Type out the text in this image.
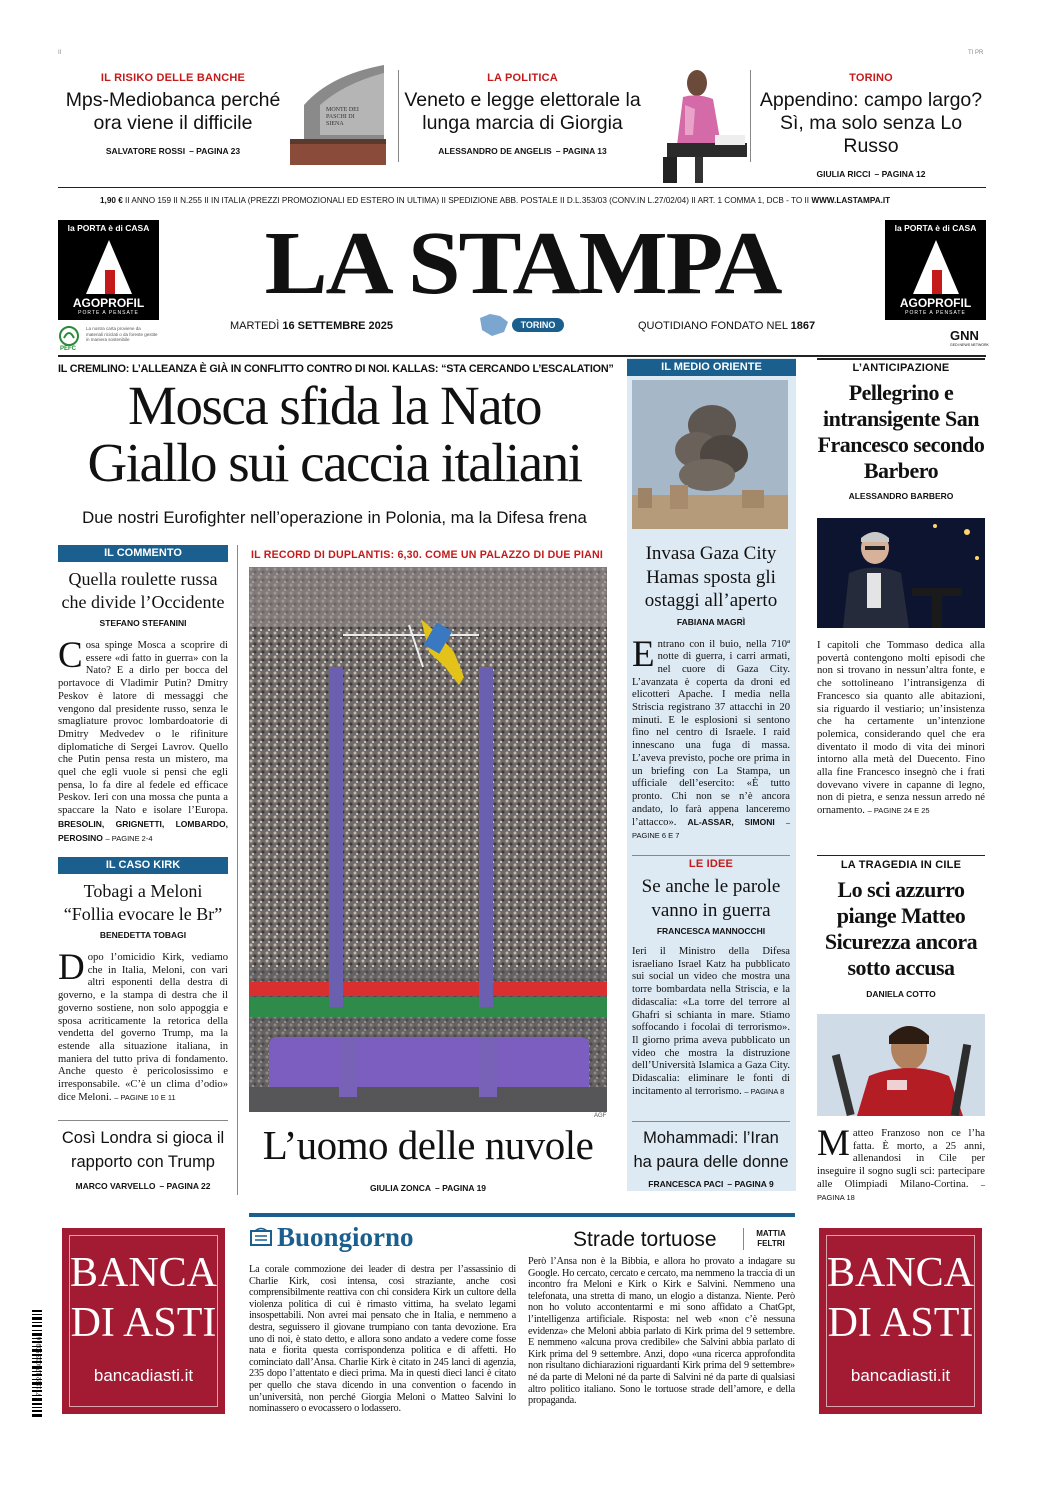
II	TI PR
IL RISIKO DELLE BANCHE
Mps-Mediobanca perché ora viene il difficile
SALVATORE ROSSI – PAGINA 23
MONTE DEI PASCHI DI SIENA
LA POLITICA
Veneto e legge elettorale la lunga marcia di Giorgia
ALESSANDRO DE ANGELIS – PAGINA 13
TORINO
Appendino: campo largo? Sì, ma solo senza Lo Russo
GIULIA RICCI – PAGINA 12
1,90 € II ANNO 159 II N.255 II IN ITALIA (PREZZI PROMOZIONALI ED ESTERO IN ULTIMA) II SPEDIZIONE ABB. POSTALE II D.L.353/03 (CONV.IN L.27/02/04) II ART. 1 COMMA 1, DCB - TO II WWW.LASTAMPA.IT
la PORTA è di CASA
AGOPROFIL
PORTE A PENSATE
PEFC
La nostra carta proviene da materiali riciclati o da foreste gestite in maniera sostenibile
la PORTA è di CASA
AGOPROFIL
PORTE A PENSATE
GNN
GEDI NEWS NETWORK
LA STAMPA
MARTEDÌ 16 SETTEMBRE 2025	TORINO	QUOTIDIANO FONDATO NEL 1867
IL CREMLINO: L’ALLEANZA È GIÀ IN CONFLITTO CONTRO DI NOI. KALLAS: “STA CERCANDO L’ESCALATION”
Mosca sfida la Nato
Giallo sui caccia italiani
Due nostri Eurofighter nell’operazione in Polonia, ma la Difesa frena
IL COMMENTO
Quella roulette russa che divide l’Occidente
STEFANO STEFANINI
Cosa spinge Mosca a scoprire di essere «di fatto in guerra» con la Nato? E a dirlo per bocca del portavoce di Vladimir Putin? Dmitry Peskov è latore di messaggi che vengono dal presidente russo, senza le smagliature provoc lombardoatorie di Dmitry Medvedev o le rifiniture diplomatiche di Sergei Lavrov. Quello che Putin pensa resta un mistero, ma quel che egli vuole si pensi che egli pensa, lo fa dire al fedele ed efficace Peskov. Ieri con una mossa che punta a spaccare la Nato e isolare l’Europa. BRESOLIN, GRIGNETTI, LOMBARDO, PEROSINO – PAGINE 2-4
IL CASO KIRK
Tobagi a Meloni “Follia evocare le Br”
BENEDETTA TOBAGI
Dopo l’omicidio Kirk, vediamo che in Italia, Meloni, con vari altri esponenti della destra di governo, e la stampa di destra che il governo sostiene, non solo appoggia e sposa acriticamente la retorica della vendetta del governo Trump, ma la estende alla situazione italiana, in maniera del tutto priva di fondamento. Anche questo è pericolosissimo e irresponsabile. «C’è un clima d’odio» dice Meloni. – PAGINE 10 E 11
Così Londra si gioca il rapporto con Trump
MARCO VARVELLO – PAGINA 22
IL RECORD DI DUPLANTIS: 6,30. COME UN PALAZZO DI DUE PIANI
AGF
L’uomo delle nuvole
GIULIA ZONCA – PAGINA 19
IL MEDIO ORIENTE
Invasa Gaza City Hamas sposta gli ostaggi all’aperto
FABIANA MAGRÌ
Entrano con il buio, nella 710ª notte di guerra, i carri armati, nel cuore di Gaza City. L’avanzata è coperta da droni ed elicotteri Apache. I media nella Striscia registrano 37 attacchi in 20 minuti. E le esplosioni si sentono fino nel centro di Israele. I raid innescano una fuga di massa. L’aveva previsto, poche ore prima in un briefing con La Stampa, un ufficiale dell’esercito: «È tutto pronto. Chi non se n’è ancora andato, lo farà appena lanceremo l’attacco». AL-ASSAR, SIMONI – PAGINE 6 E 7
LE IDEE
Se anche le parole vanno in guerra
FRANCESCA MANNOCCHI
Ieri il Ministro della Difesa israeliano Israel Katz ha pubblicato sui social un video che mostra una torre bombardata nella Striscia, e la didascalia: «La torre del terrore al Ghafri si schianta in mare. Stiamo soffocando i focolai di terrorismo». Il giorno prima aveva pubblicato un video che mostra la distruzione dell’Università Islamica a Gaza City. Didascalia: eliminare le fonti di incitamento al terrorismo. – PAGINA 8
Mohammadi: l’Iran ha paura delle donne
FRANCESCA PACI – PAGINA 9
L’ANTICIPAZIONE
Pellegrino e intransigente San Francesco secondo Barbero
ALESSANDRO BARBERO
I capitoli che Tommaso dedica alla povertà contengono molti episodi che non si trovano in nessun’altra fonte, e che sottolineano l’intransigenza di Francesco sia quanto alle abitazioni, sia riguardo il vestiario; un’insistenza che ha certamente un’intenzione polemica, considerando quel che era diventato il modo di vita dei minori intorno alla metà del Duecento. Fino alla fine Francesco insegnò che i frati dovevano vivere in capanne di legno, non di pietra, e senza nessun arredo né ornamento. – PAGINE 24 E 25
LA TRAGEDIA IN CILE
Lo sci azzurro piange Matteo Sicurezza ancora sotto accusa
DANIELA COTTO
Matteo Franzoso non ce l’ha fatta. È morto, a 25 anni, allenandosi in Cile per inseguire il sogno sugli sci: partecipare alle Olimpiadi Milano-Cortina. – PAGINA 18
BANCA
DI ASTI
bancadiasti.it
BANCA
DI ASTI
bancadiasti.it
9 771122 174003 50916
Buongiorno	Strade tortuose	MATTIA FELTRI
La corale commozione dei leader di destra per l’assassinio di Charlie Kirk, così intensa, così straziante, anche così comprensibilmente reattiva con chi considera Kirk un cultore della violenza politica di cui è rimasto vittima, ha svelato legami insospettabili. Non avrei mai pensato che in Italia, e nemmeno a destra, seguissero il giovane trumpiano con tanta devozione. Era uno di noi, è stato detto, e allora sono andato a vedere come fosse nata e fiorita questa corrispondenza politica e di affetti. Ho cominciato dall’Ansa. Charlie Kirk è citato in 245 lanci di agenzia, 235 dopo l’attentato e dieci prima. Ma in questi dieci lanci è citato per quello che stava dicendo in una convention o facendo in un’università, non perché Giorgia Meloni o Matteo Salvini lo nominassero o evocassero o lodassero.
Però l’Ansa non è la Bibbia, e allora ho provato a indagare su Google. Ho cercato, cercato e cercato, ma nemmeno la traccia di un incontro fra Meloni e Kirk o Kirk e Salvini. Nemmeno una telefonata, una stretta di mano, un elogio a distanza. Niente. Però non ho voluto accontentarmi e mi sono affidato a ChatGpt, l’intelligenza artificiale. Risposta: nel web «non c’è nessuna evidenza» che Meloni abbia parlato di Kirk prima del 9 settembre. E nemmeno «alcuna prova credibile» che Salvini abbia parlato di Kirk prima del 9 settembre. Anzi, dopo «una ricerca approfondita non risultano dichiarazioni riguardanti Kirk prima del 9 settembre» né da parte di Meloni né da parte di Salvini né da parte di qualsiasi altro politico italiano. Sono le tortuose strade dell’amore, e della propaganda.
